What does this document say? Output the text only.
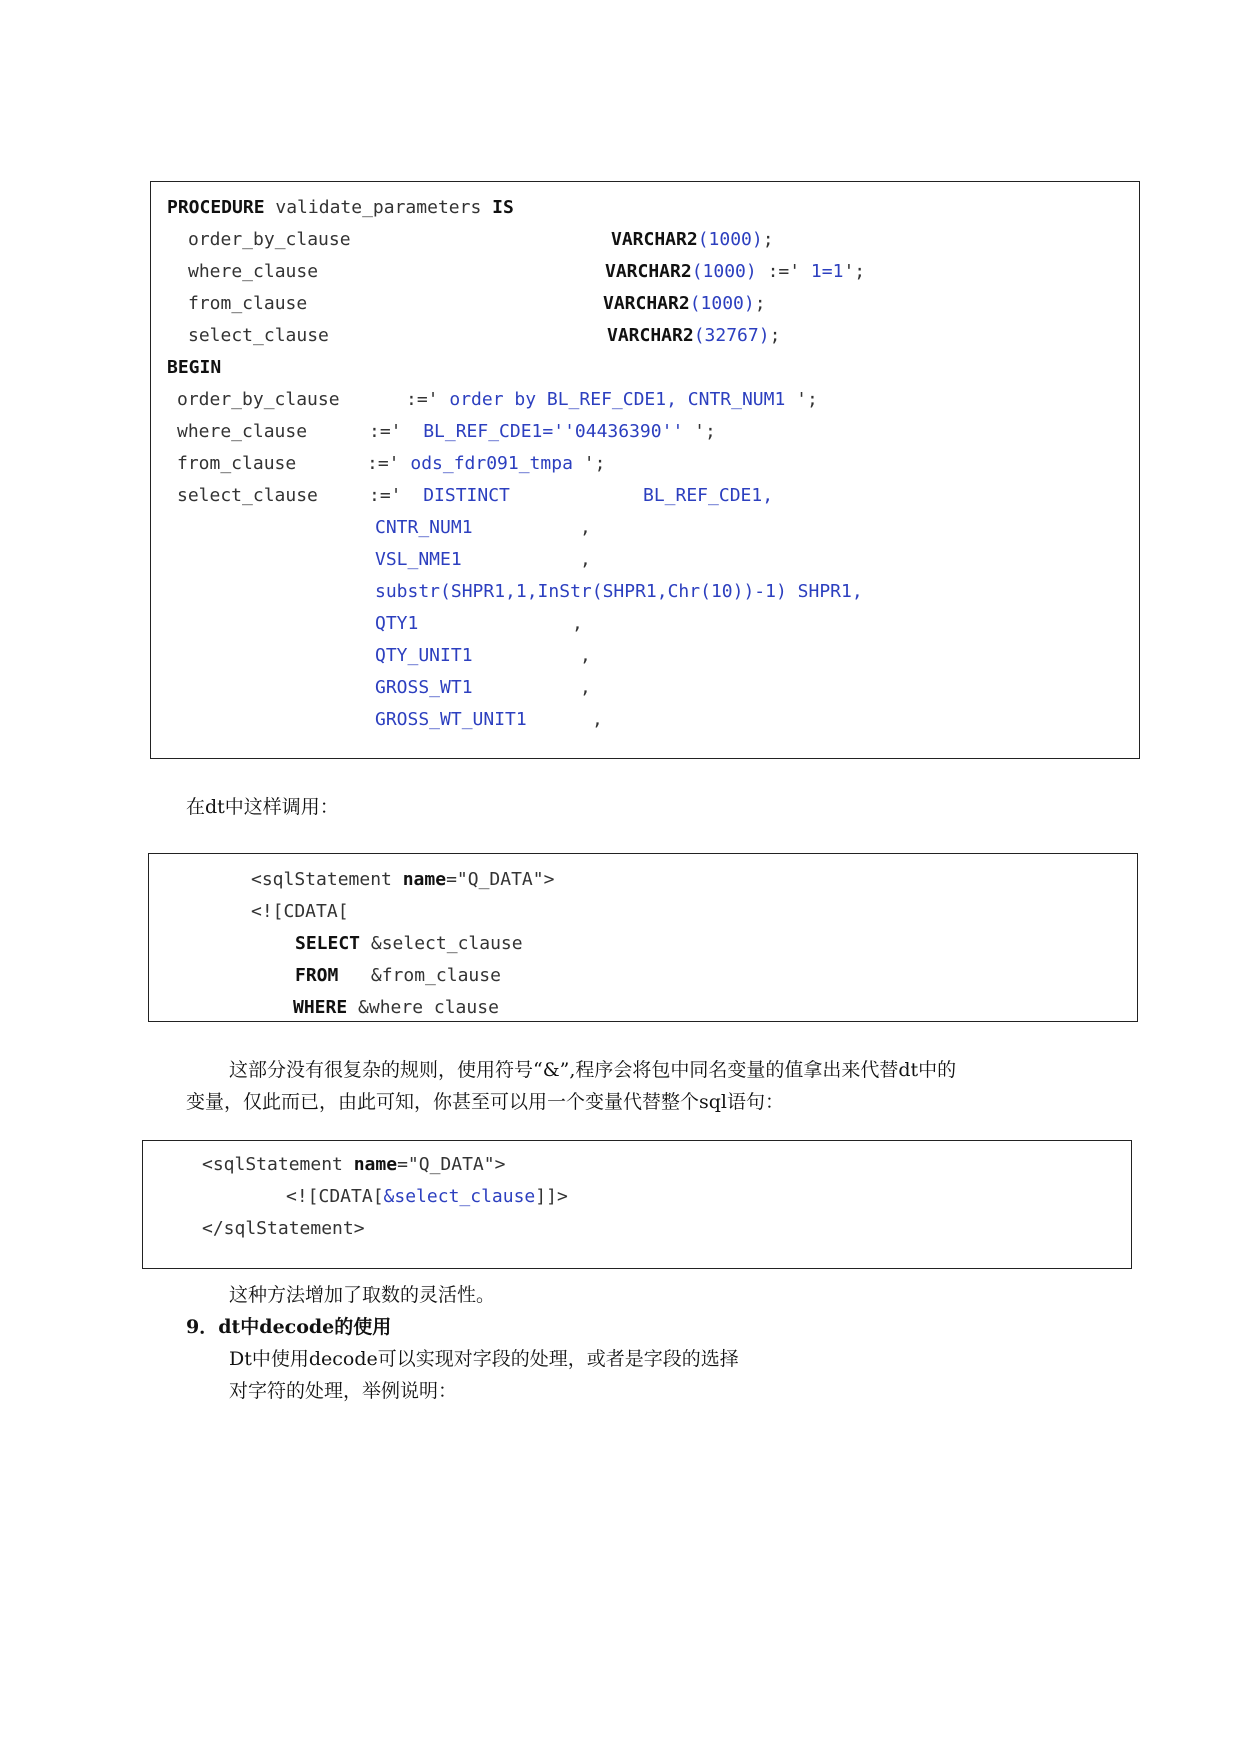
PROCEDURE validate_parameters IS
order_by_clause	VARCHAR2(1000);
where_clause	VARCHAR2(1000) :=' 1=1';
from_clause	VARCHAR2(1000);
select_clause	VARCHAR2(32767);
BEGIN
order_by_clause	:=' order by BL_REF_CDE1, CNTR_NUM1 ';
where_clause	:='  BL_REF_CDE1=''04436390'' ';
from_clause	:=' ods_fdr091_tmpa ';
select_clause	:='  DISTINCT	BL_REF_CDE1,
CNTR_NUM1	,
VSL_NME1	,
substr(SHPR1,1,InStr(SHPR1,Chr(10))-1) SHPR1,
QTY1	,
QTY_UNIT1	,
GROSS_WT1	,
GROSS_WT_UNIT1	,
在dt中这样调用：
<sqlStatement name="Q_DATA">
<![CDATA[
SELECT &select_clause
FROM   &from_clause
WHERE &where clause
这部分没有很复杂的规则，使用符号“&”,程序会将包中同名变量的值拿出来代替dt中的
变量，仅此而已，由此可知，你甚至可以用一个变量代替整个sql语句：
<sqlStatement name="Q_DATA">
<![CDATA[&select_clause]]>
</sqlStatement>
这种方法增加了取数的灵活性。
9．dt中decode的使用
Dt中使用decode可以实现对字段的处理，或者是字段的选择
对字符的处理，举例说明：
